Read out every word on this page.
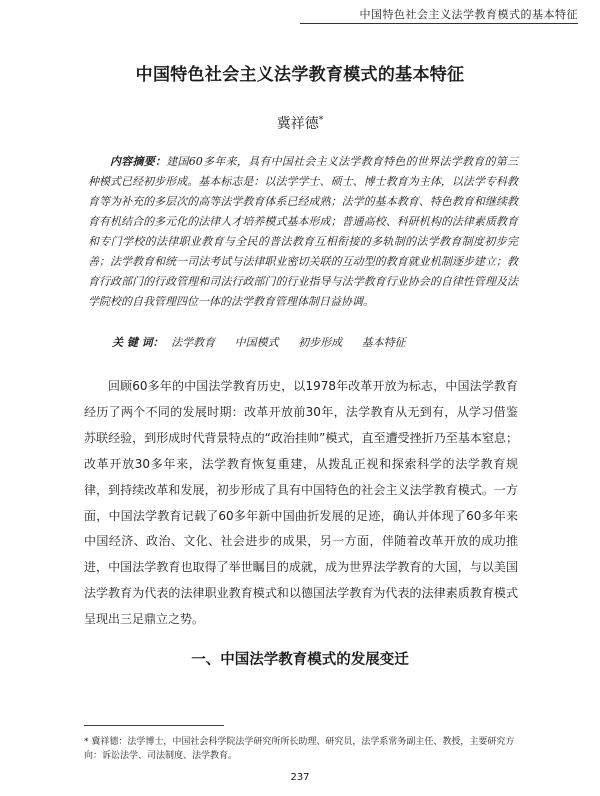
中国特色社会主义法学教育模式的基本特征
中国特色社会主义法学教育模式的基本特征
冀祥德*

内容摘要：建国60多年来，具有中国社会主义法学教育特色的世界法学教育的第三种模式已经初步形成。基本标志是：以法学学士、硕士、博士教育为主体，以法学专科教育等为补充的多层次的高等法学教育体系已经成熟；法学的基本教育、特色教育和继续教育有机结合的多元化的法律人才培养模式基本形成；普通高校、科研机构的法律素质教育和专门学校的法律职业教育与全民的普法教育互相衔接的多轨制的法学教育制度初步完善；法学教育和统一司法考试与法律职业密切关联的互动型的教育就业机制逐步建立；教育行政部门的行政管理和司法行政部门的行业指导与法学教育行业协会的自律性管理及法学院校的自我管理四位一体的法学教育管理体制日益协调。

关 键 词： 法学教育 中国模式 初步形成 基本特征

回顾60多年的中国法学教育历史，以1978年改革开放为标志，中国法学教育经历了两个不同的发展时期：改革开放前30年，法学教育从无到有，从学习借鉴苏联经验，到形成时代背景特点的“政治挂帅”模式，直至遭受挫折乃至基本窒息；改革开放30多年来，法学教育恢复重建，从拨乱正视和探索科学的法学教育规律，到持续改革和发展，初步形成了具有中国特色的社会主义法学教育模式。一方面，中国法学教育记载了60多年新中国曲折发展的足迹，确认并体现了60多年来中国经济、政治、文化、社会进步的成果，另一方面，伴随着改革开放的成功推进，中国法学教育也取得了举世瞩目的成就，成为世界法学教育的大国，与以美国法学教育为代表的法律职业教育模式和以德国法学教育为代表的法律素质教育模式呈现出三足鼎立之势。

一、中国法学教育模式的发展变迁

* 冀祥德：法学博士，中国社会科学院法学研究所所长助理、研究员，法学系常务副主任、教授，主要研究方向：诉讼法学、司法制度、法学教育。

237
